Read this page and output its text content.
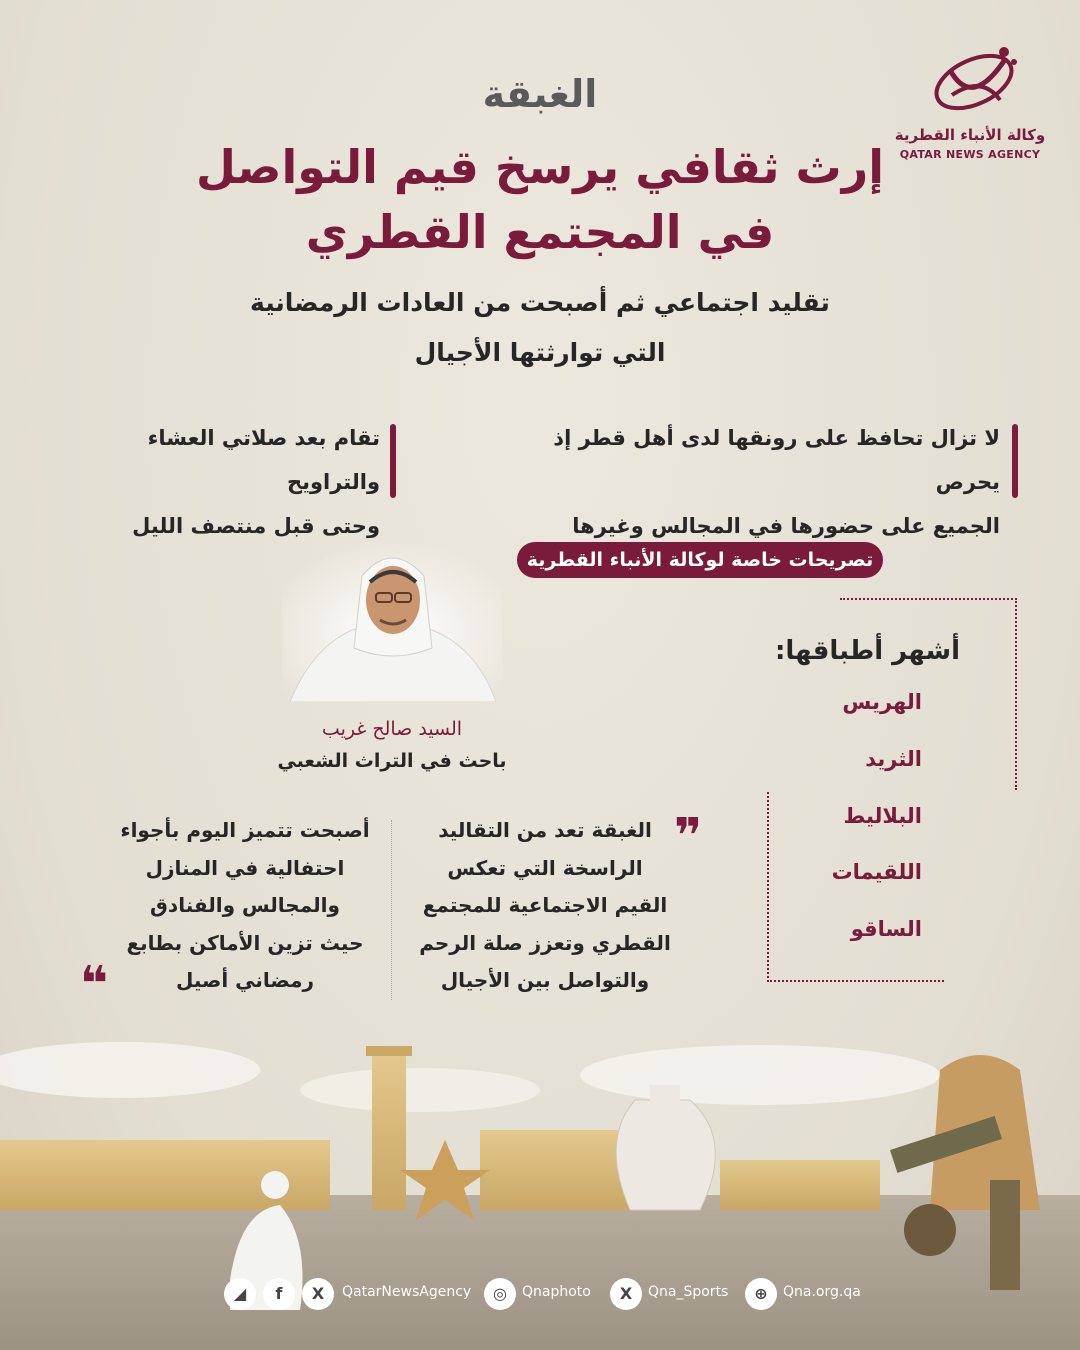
وكالة الأنباء القطرية
QATAR NEWS AGENCY
الغبقة
إرث ثقافي يرسخ قيم التواصل
في المجتمع القطري
تقليد اجتماعي ثم أصبحت من العادات الرمضانية
التي توارثتها الأجيال
لا تزال تحافظ على رونقها لدى أهل قطر إذ يحرص
الجميع على حضورها في المجالس وغيرها
تقام بعد صلاتي العشاء والتراويح
وحتى قبل منتصف الليل
تصريحات خاصة لوكالة الأنباء القطرية
السيد صالح غريب
باحث في التراث الشعبي
أشهر أطباقها:
الهريس
الثريد
البلاليط
اللقيمات
الساقو
❞
الغبقة تعد من التقاليد
الراسخة التي تعكس
القيم الاجتماعية للمجتمع
القطري وتعزز صلة الرحم
والتواصل بين الأجيال
أصبحت تتميز اليوم بأجواء
احتفالية في المنازل
والمجالس والفنادق
حيث تزين الأماكن بطابع
رمضاني أصيل
❝
◢	f	X	QatarNewsAgency	◎	Qnaphoto	X	Qna_Sports	⊕	Qna.org.qa
